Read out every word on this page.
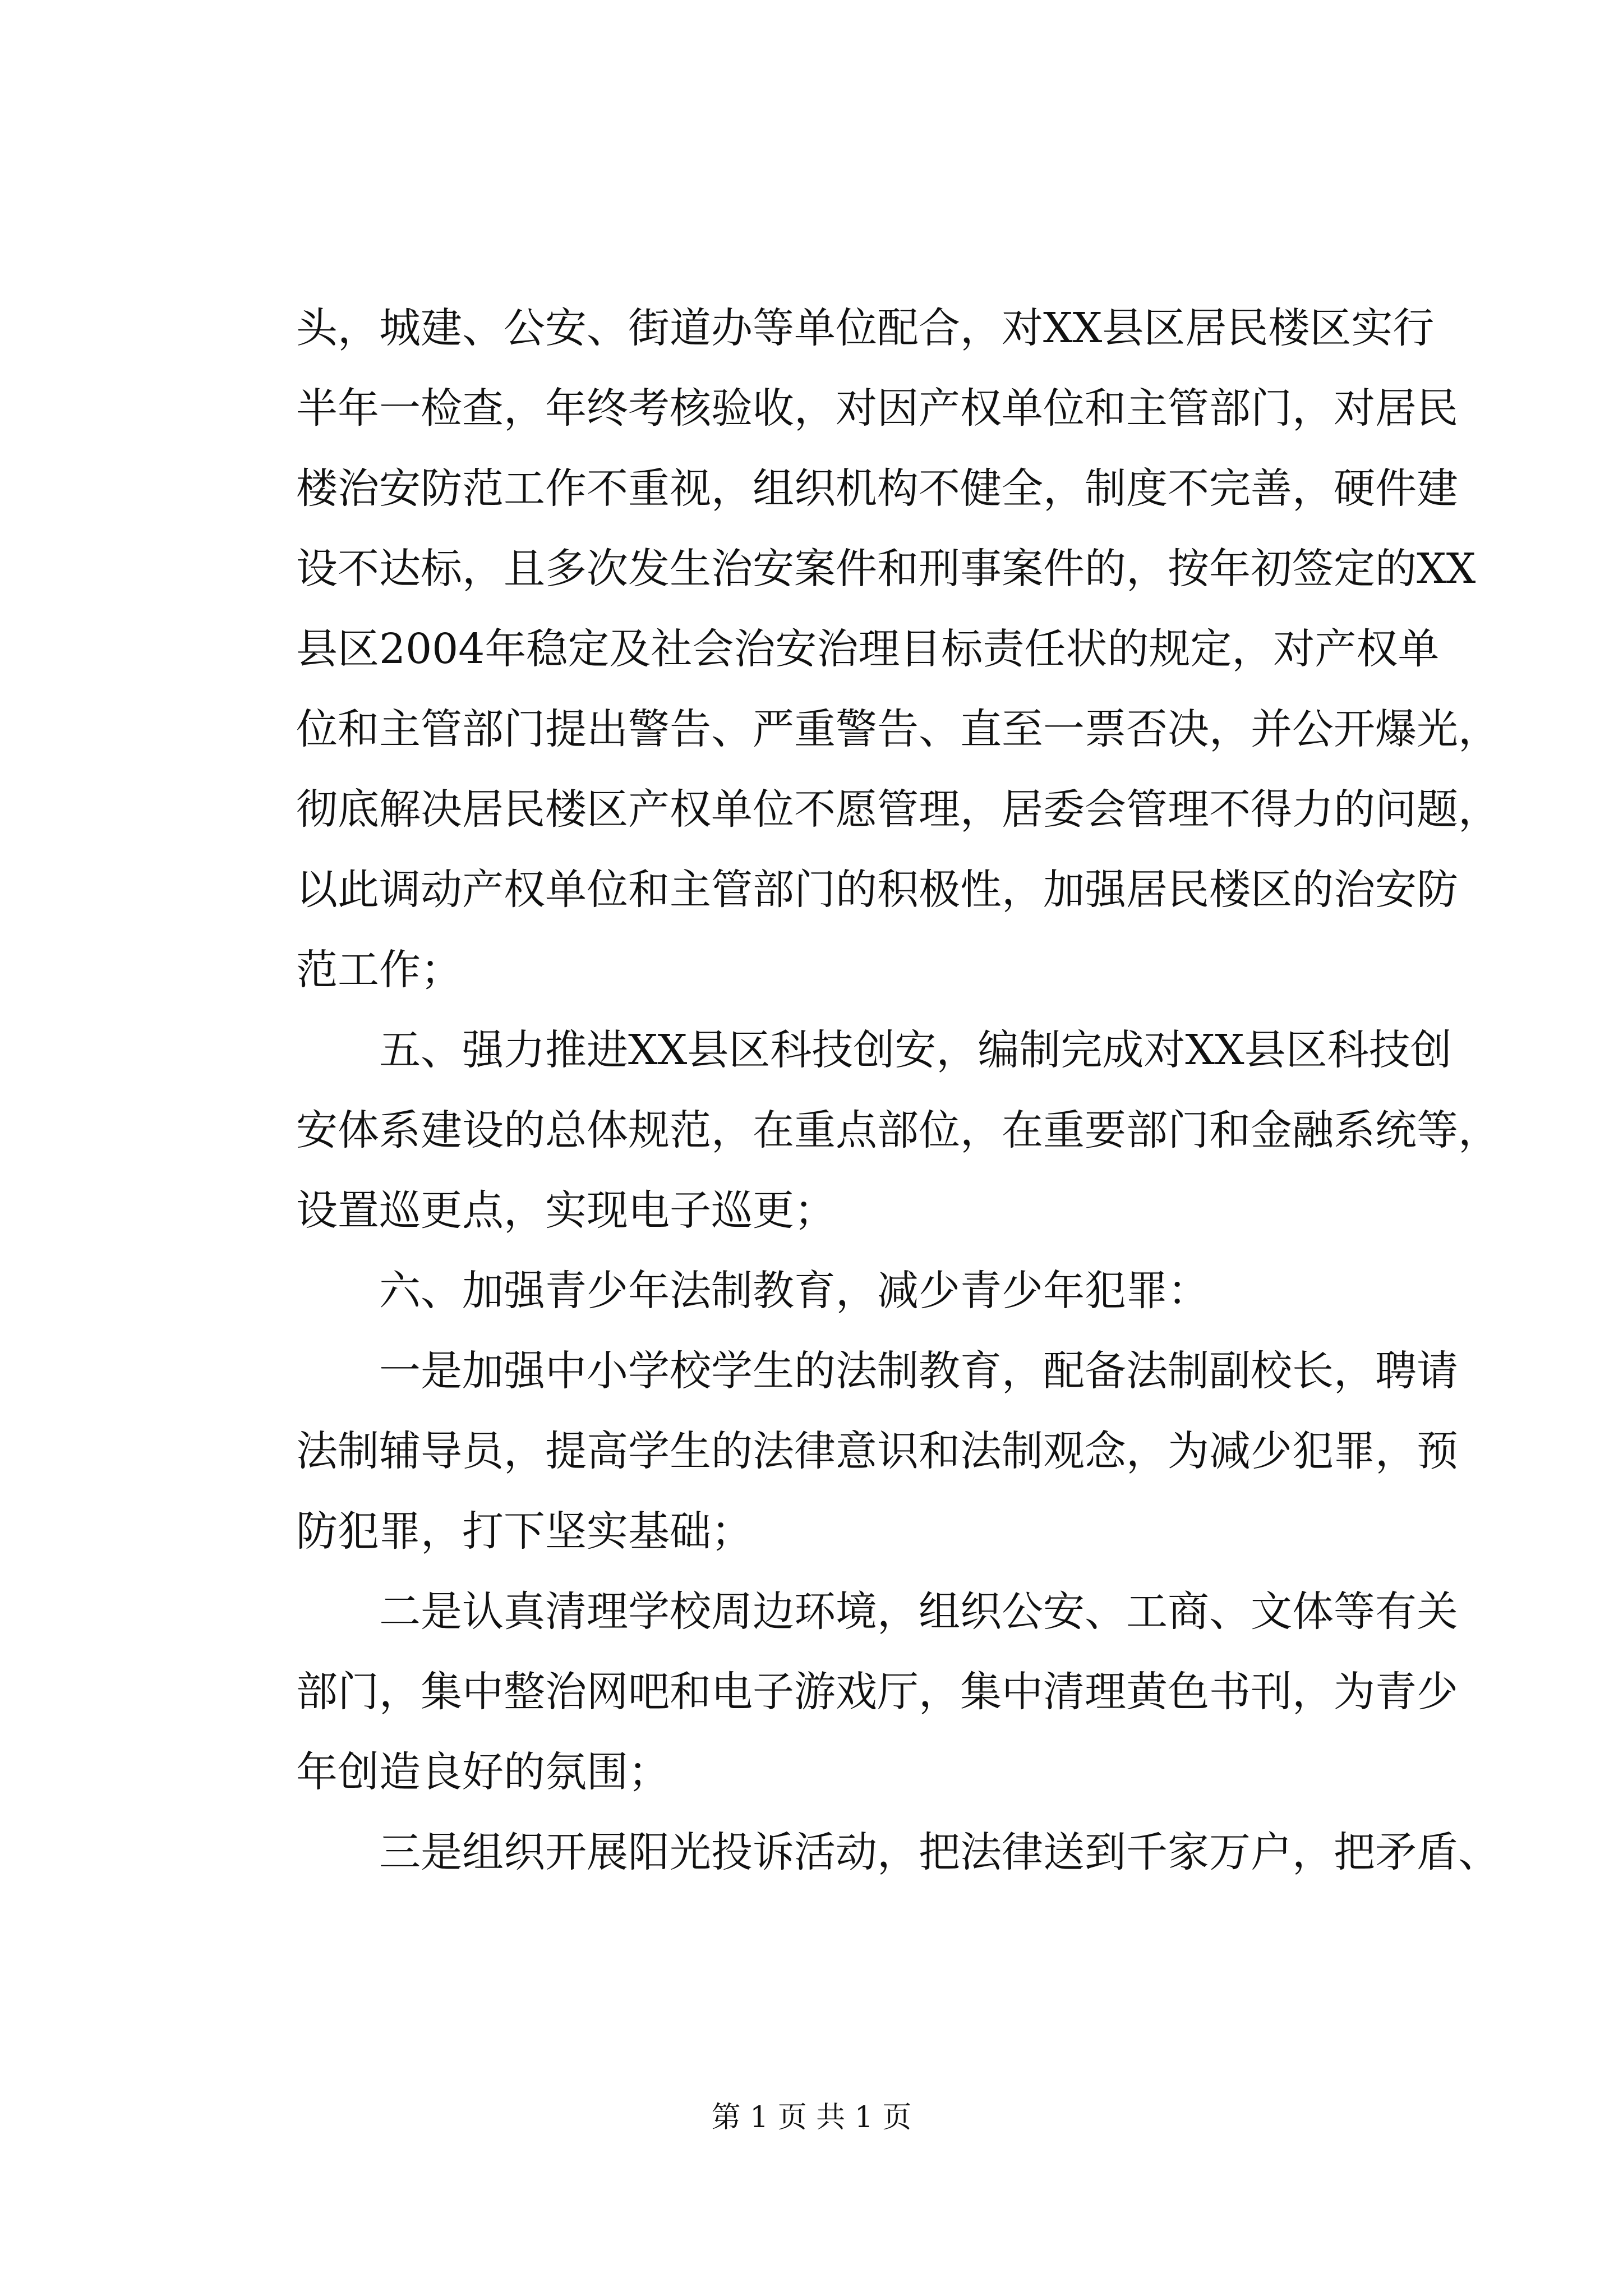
头，城建、公安、街道办等单位配合，对XX县区居民楼区实行
半年一检查，年终考核验收，对因产权单位和主管部门，对居民
楼治安防范工作不重视，组织机构不健全，制度不完善，硬件建
设不达标，且多次发生治安案件和刑事案件的，按年初签定的XX
县区2004年稳定及社会治安治理目标责任状的规定，对产权单
位和主管部门提出警告、严重警告、直至一票否决，并公开爆光，
彻底解决居民楼区产权单位不愿管理，居委会管理不得力的问题，
以此调动产权单位和主管部门的积极性，加强居民楼区的治安防
范工作；
　　五、强力推进XX县区科技创安，编制完成对XX县区科技创
安体系建设的总体规范，在重点部位，在重要部门和金融系统等，
设置巡更点，实现电子巡更；
　　六、加强青少年法制教育，减少青少年犯罪：
　　一是加强中小学校学生的法制教育，配备法制副校长，聘请
法制辅导员，提高学生的法律意识和法制观念，为减少犯罪，预
防犯罪，打下坚实基础；
　　二是认真清理学校周边环境，组织公安、工商、文体等有关
部门，集中整治网吧和电子游戏厅，集中清理黄色书刊，为青少
年创造良好的氛围；
　　三是组织开展阳光投诉活动，把法律送到千家万户，把矛盾、
第 1 页 共 1 页
